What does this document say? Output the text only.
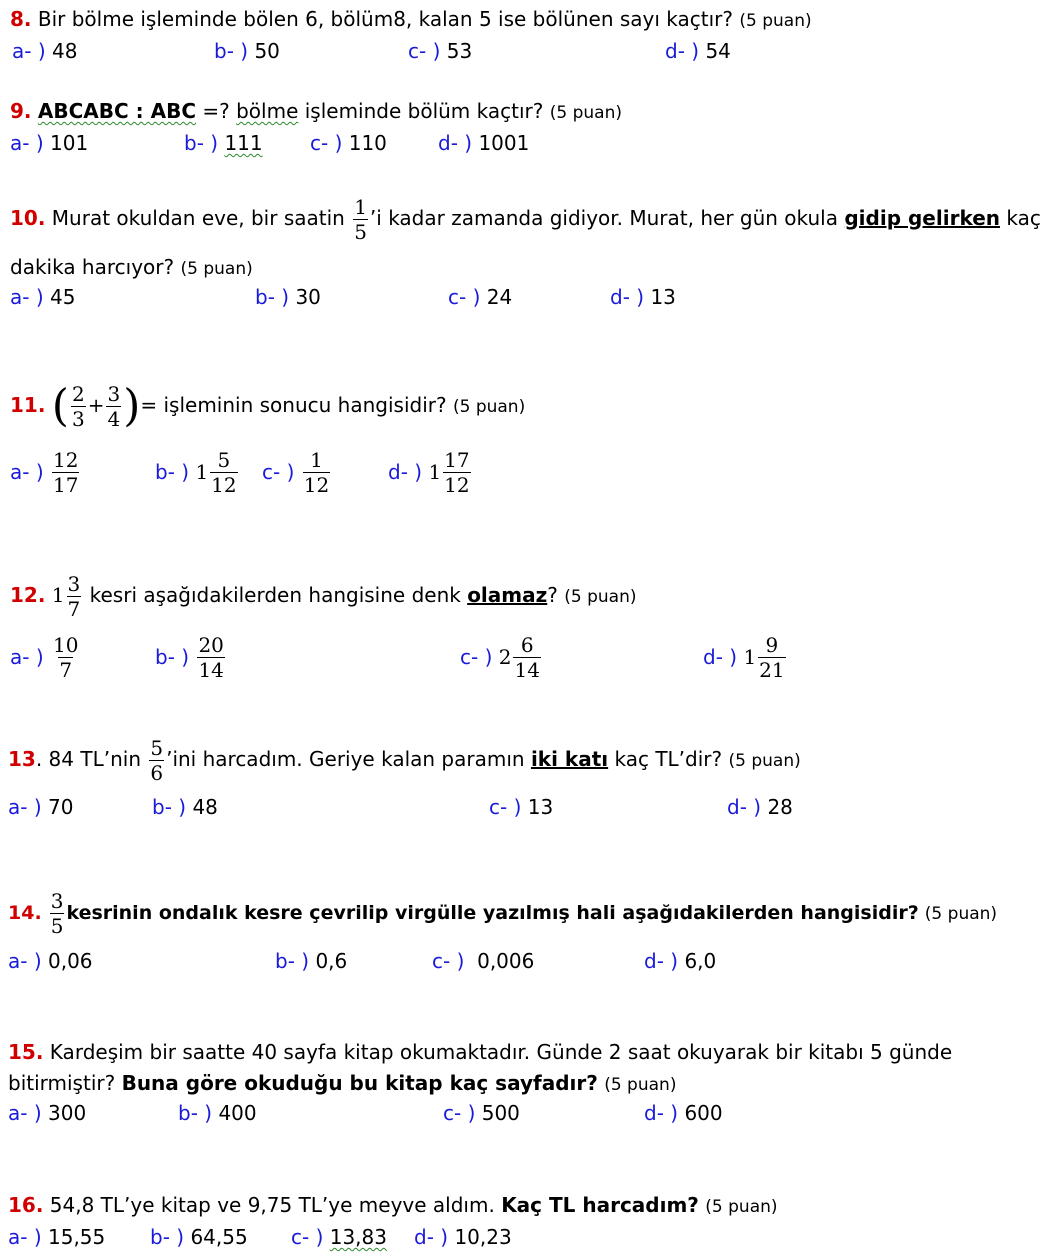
8. Bir bölme işleminde bölen 6, bölüm8, kalan 5 ise bölünen sayı kaçtır? (5 puan)
a- ) 48	b- ) 50	c- ) 53	d- ) 54
9. ABCABC : ABC =? bölme işleminde bölüm kaçtır? (5 puan)
a- ) 101	b- ) 111 c- ) 110	d- ) 1001
10. Murat okuldan eve, bir saatin $\frac{1}{5}$ ’i kadar zamanda gidiyor. Murat, her gün okula gidip gelirken kaç
dakika harcıyor? (5 puan)
a- ) 45	b- ) 30	c- ) 24	d- ) 13
11. ( $\frac{2}{3} + \frac{3}{4}$ )= işleminin sonucu hangisidir? (5 puan)
a- )
$\frac{12}{17}$	b- )
$1 \frac{5}{12} c-$ )
$\frac{1}{12}$	d- )
$1 \frac{17}{12}$
12. $1 \frac{3}{7}$ kesri aşağıdakilerden hangisine denk olamaz? (5 puan)
a- )
$\frac{10}{7}$	b- )
$\frac{20}{14}$	c- )
$2 \frac{6}{14}$	d- )
$1 \frac{9}{21}$
13. 84 TL’nin $\frac{5}{6}$ ’ini harcadım. Geriye kalan paramın iki katı kaç TL’dir? (5 puan)
a- ) 70	b- ) 48	c- ) 13	d- ) 28
14. $\frac{3}{5}$ kesrinin ondalık kesre çevrilip virgülle yazılmış hali aşağıdakilerden hangisidir? (5 puan)
a- ) 0,06	b- ) 0,6	c- ) 0,006	d- ) 6,0
15. Kardeşim bir saatte 40 sayfa kitap okumaktadır. Günde 2 saat okuyarak bir kitabı 5 günde
bitirmiştir? Buna göre okuduğu bu kitap kaç sayfadır? (5 puan)
a- ) 300	b- ) 400	c- ) 500	d- ) 600
16. 54,8 TL’ye kitap ve 9,75 TL’ye meyve aldım. Kaç TL harcadım? (5 puan)
a- ) 15,55 b- ) 64,55 c- ) 13,83 d- ) 10,23
